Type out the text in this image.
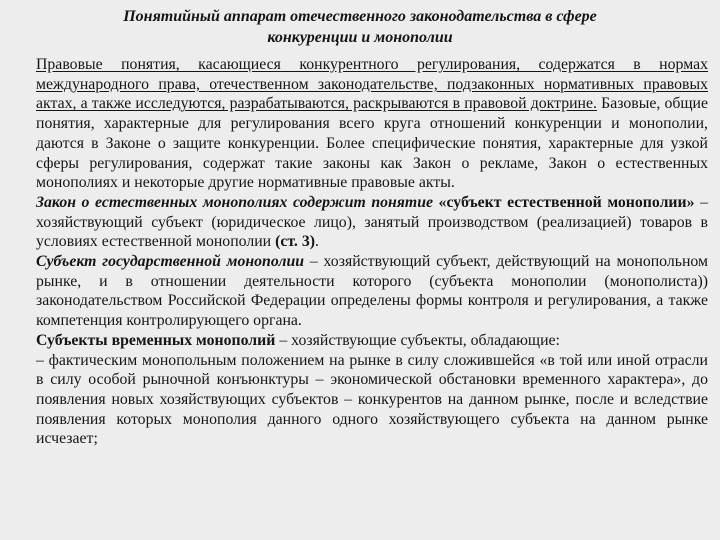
Понятийный аппарат отечественного законодательства в сфере
конкуренции и монополии

Правовые понятия, касающиеся конкурентного регулирования, содержатся в нормах международного права, отечественном законодательстве, подзаконных нормативных правовых актах, а также исследуются, разрабатываются, раскрываются в правовой доктрине. Базовые, общие понятия, характерные для регулирования всего круга отношений конкуренции и монополии, даются в Законе о защите конкуренции. Более специфические понятия, характерные для узкой сферы регулирования, содержат такие законы как Закон о рекламе, Закон о естественных монополиях и некоторые другие нормативные правовые акты.

Закон о естественных монополиях содержит понятие «субъект естественной монополии» – хозяйствующий субъект (юридическое лицо), занятый производством (реализацией) товаров в условиях естественной монополии (ст. 3).

Субъект государственной монополии – хозяйствующий субъект, действующий на монопольном рынке, и в отношении деятельности которого (субъекта монополии (монополиста)) законодательством Российской Федерации определены формы контроля и регулирования, а также компетенция контролирующего органа.

Субъекты временных монополий – хозяйствующие субъекты, обладающие:

– фактическим монопольным положением на рынке в силу сложившейся «в той или иной отрасли в силу особой рыночной конъюнктуры – экономической обстановки временного характера», до появления новых хозяйствующих субъектов – конкурентов на данном рынке, после и вследствие появления которых монополия данного одного хозяйствующего субъекта на данном рынке исчезает;
